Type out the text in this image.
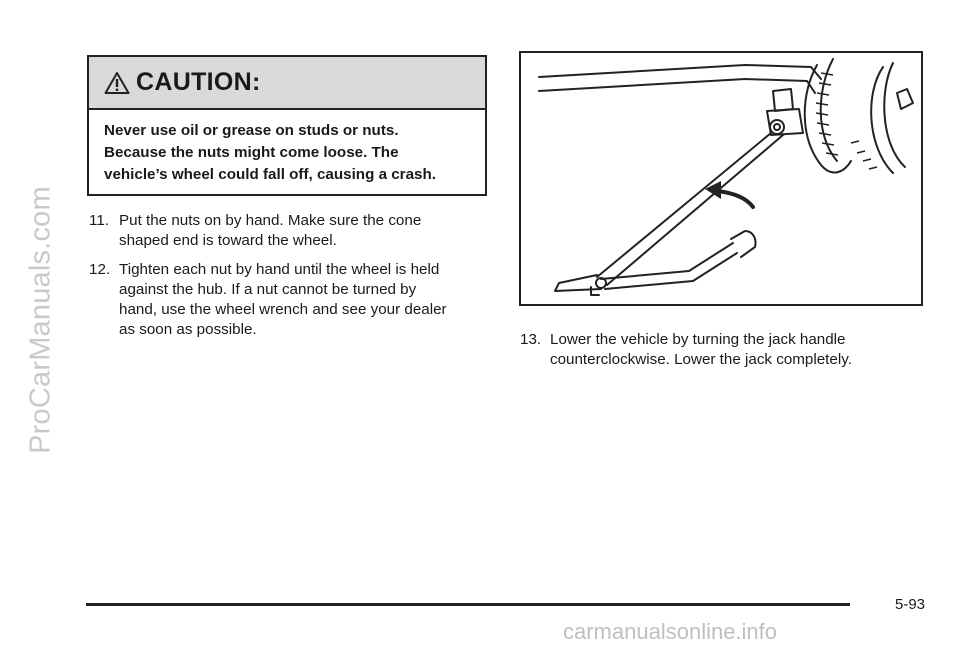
ProCarManuals.com
CAUTION:
Never use oil or grease on studs or nuts.
Because the nuts might come loose. The
vehicle’s wheel could fall off, causing a crash.
11. Put the nuts on by hand. Make sure the cone
shaped end is toward the wheel.
12. Tighten each nut by hand until the wheel is held
against the hub. If a nut cannot be turned by
hand, use the wheel wrench and see your dealer
as soon as possible.
13. Lower the vehicle by turning the jack handle
counterclockwise. Lower the jack completely.
5-93
carmanualsonline.info
